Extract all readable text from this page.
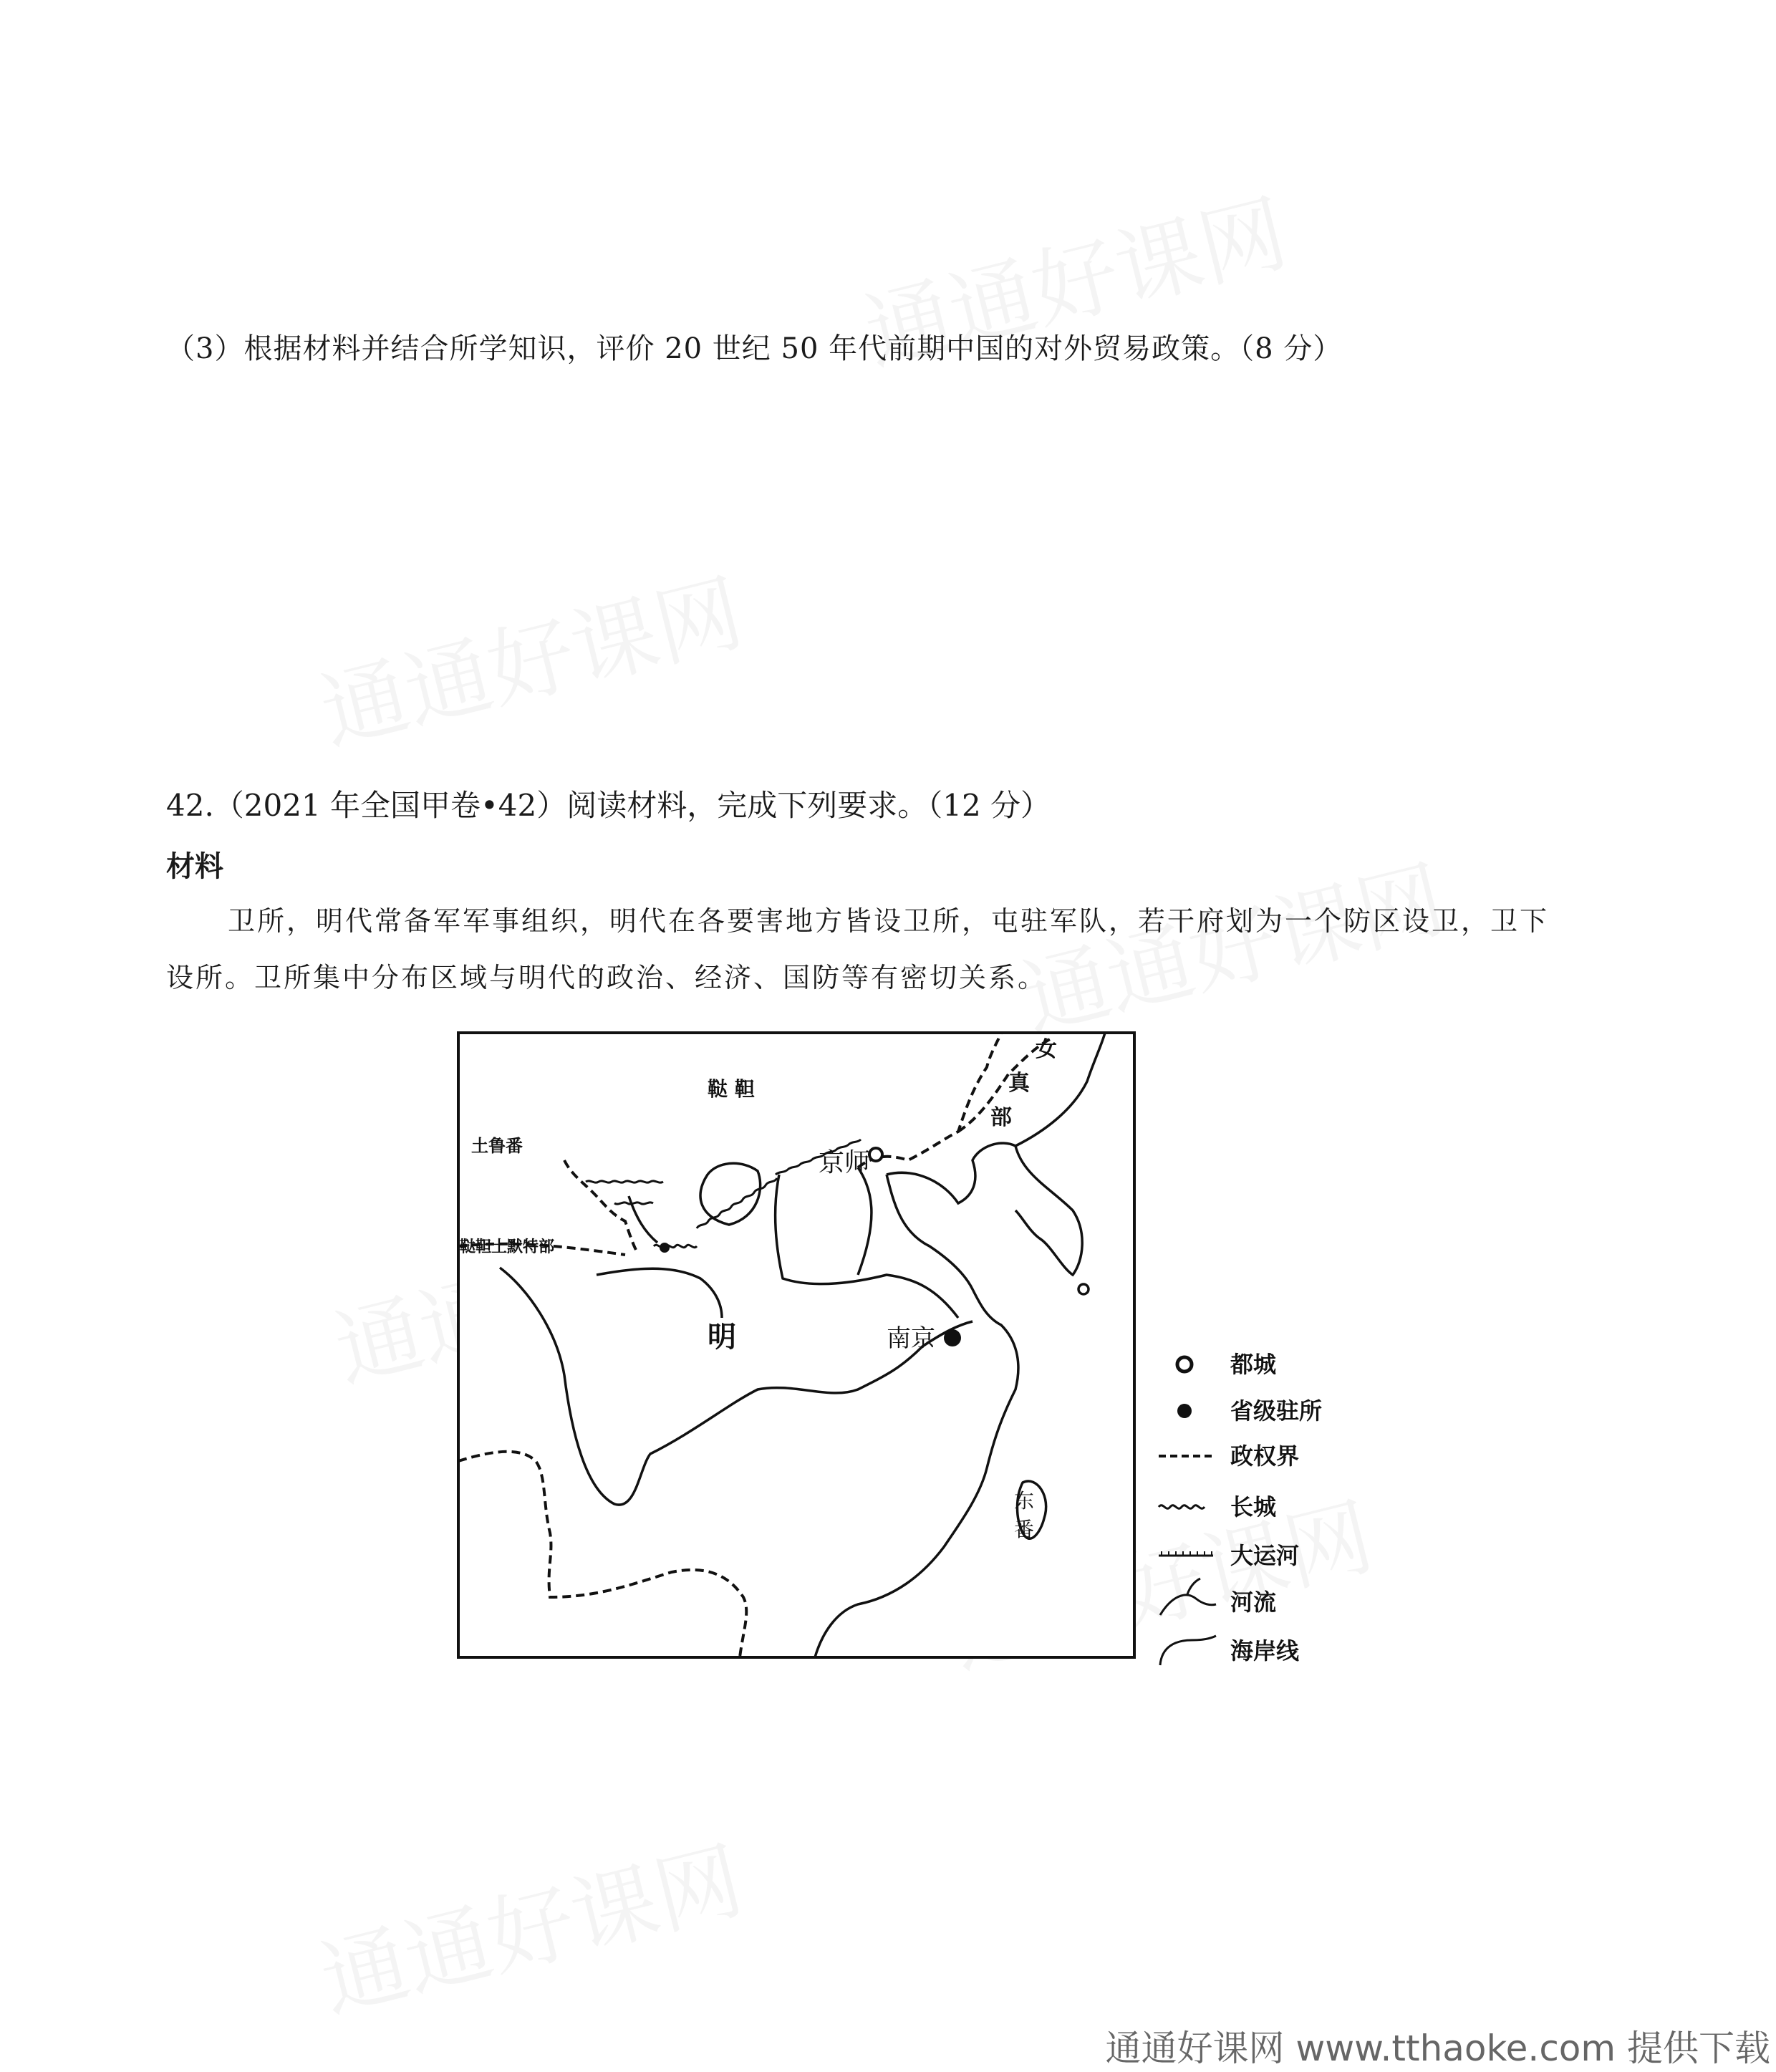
（3）根据材料并结合所学知识，评价 20 世纪 50 年代前期中国的对外贸易政策。（8 分）
42.（2021 年全国甲卷•42）阅读材料，完成下列要求。（12 分）
材料
卫所，明代常备军军事组织，明代在各要害地方皆设卫所，屯驻军队，若干府划为一个防区设卫，卫下
设所。卫所集中分布区域与明代的政治、经济、国防等有密切关系。
鞑 靼
土鲁番
鞑靼土默特部
女
真
部
京师
明	南京
东
番
都城
省级驻所
政权界
长城
大运河
河流
海岸线
通通好课网 www.tthaoke.com 提供下载
